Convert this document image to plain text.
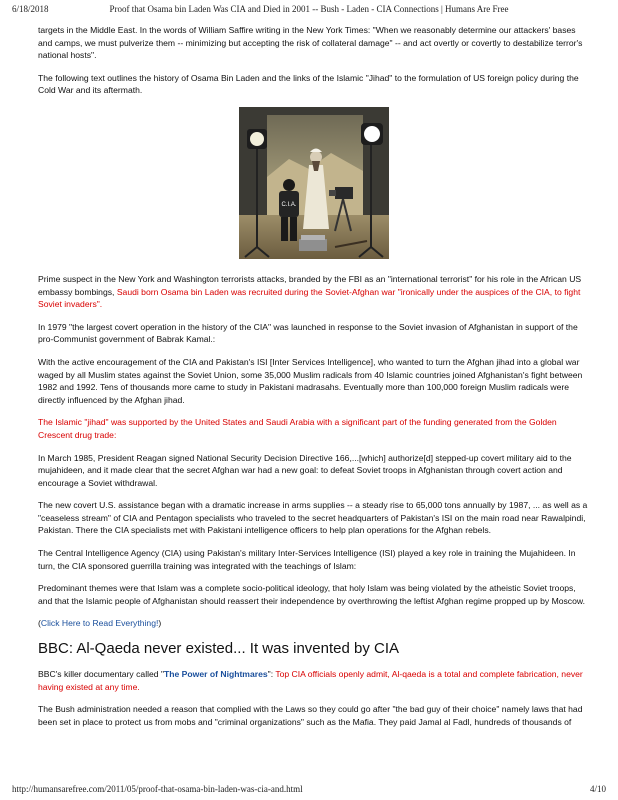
6/18/2018	Proof that Osama bin Laden Was CIA and Died in 2001 -- Bush - Laden - CIA Connections | Humans Are Free

targets in the Middle East. In the words of William Saffire writing in the New York Times: "When we reasonably determine our attackers' bases and camps, we must pulverize them -- minimizing but accepting the risk of collateral damage" -- and act overtly or covertly to destabilize terror's national hosts".

The following text outlines the history of Osama Bin Laden and the links of the Islamic "Jihad" to the formulation of US foreign policy during the Cold War and its aftermath.

C.I.A.

Prime suspect in the New York and Washington terrorists attacks, branded by the FBI as an "international terrorist" for his role in the African US embassy bombings, Saudi born Osama bin Laden was recruited during the Soviet-Afghan war "ironically under the auspices of the CIA, to fight Soviet invaders".

In 1979 "the largest covert operation in the history of the CIA" was launched in response to the Soviet invasion of Afghanistan in support of the pro-Communist government of Babrak Kamal.:

With the active encouragement of the CIA and Pakistan's ISI [Inter Services Intelligence], who wanted to turn the Afghan jihad into a global war waged by all Muslim states against the Soviet Union, some 35,000 Muslim radicals from 40 Islamic countries joined Afghanistan's fight between 1982 and 1992. Tens of thousands more came to study in Pakistani madrasahs. Eventually more than 100,000 foreign Muslim radicals were directly influenced by the Afghan jihad.

The Islamic "jihad" was supported by the United States and Saudi Arabia with a significant part of the funding generated from the Golden Crescent drug trade:

In March 1985, President Reagan signed National Security Decision Directive 166,...[which] authorize[d] stepped-up covert military aid to the mujahideen, and it made clear that the secret Afghan war had a new goal: to defeat Soviet troops in Afghanistan through covert action and encourage a Soviet withdrawal.

The new covert U.S. assistance began with a dramatic increase in arms supplies -- a steady rise to 65,000 tons annually by 1987, ... as well as a "ceaseless stream" of CIA and Pentagon specialists who traveled to the secret headquarters of Pakistan's ISI on the main road near Rawalpindi, Pakistan. There the CIA specialists met with Pakistani intelligence officers to help plan operations for the Afghan rebels.

The Central Intelligence Agency (CIA) using Pakistan's military Inter-Services Intelligence (ISI) played a key role in training the Mujahideen. In turn, the CIA sponsored guerrilla training was integrated with the teachings of Islam:

Predominant themes were that Islam was a complete socio-political ideology, that holy Islam was being violated by the atheistic Soviet troops, and that the Islamic people of Afghanistan should reassert their independence by overthrowing the leftist Afghan regime propped up by Moscow.

(Click Here to Read Everything!)

BBC: Al-Qaeda never existed... It was invented by CIA

BBC's killer documentary called "The Power of Nightmares": Top CIA officials openly admit, Al-qaeda is a total and complete fabrication, never having existed at any time.

The Bush administration needed a reason that complied with the Laws so they could go after "the bad guy of their choice" namely laws that had been set in place to protect us from mobs and "criminal organizations" such as the Mafia. They paid Jamal al Fadl, hundreds of thousands of

http://humansarefree.com/2011/05/proof-that-osama-bin-laden-was-cia-and.html	4/10
